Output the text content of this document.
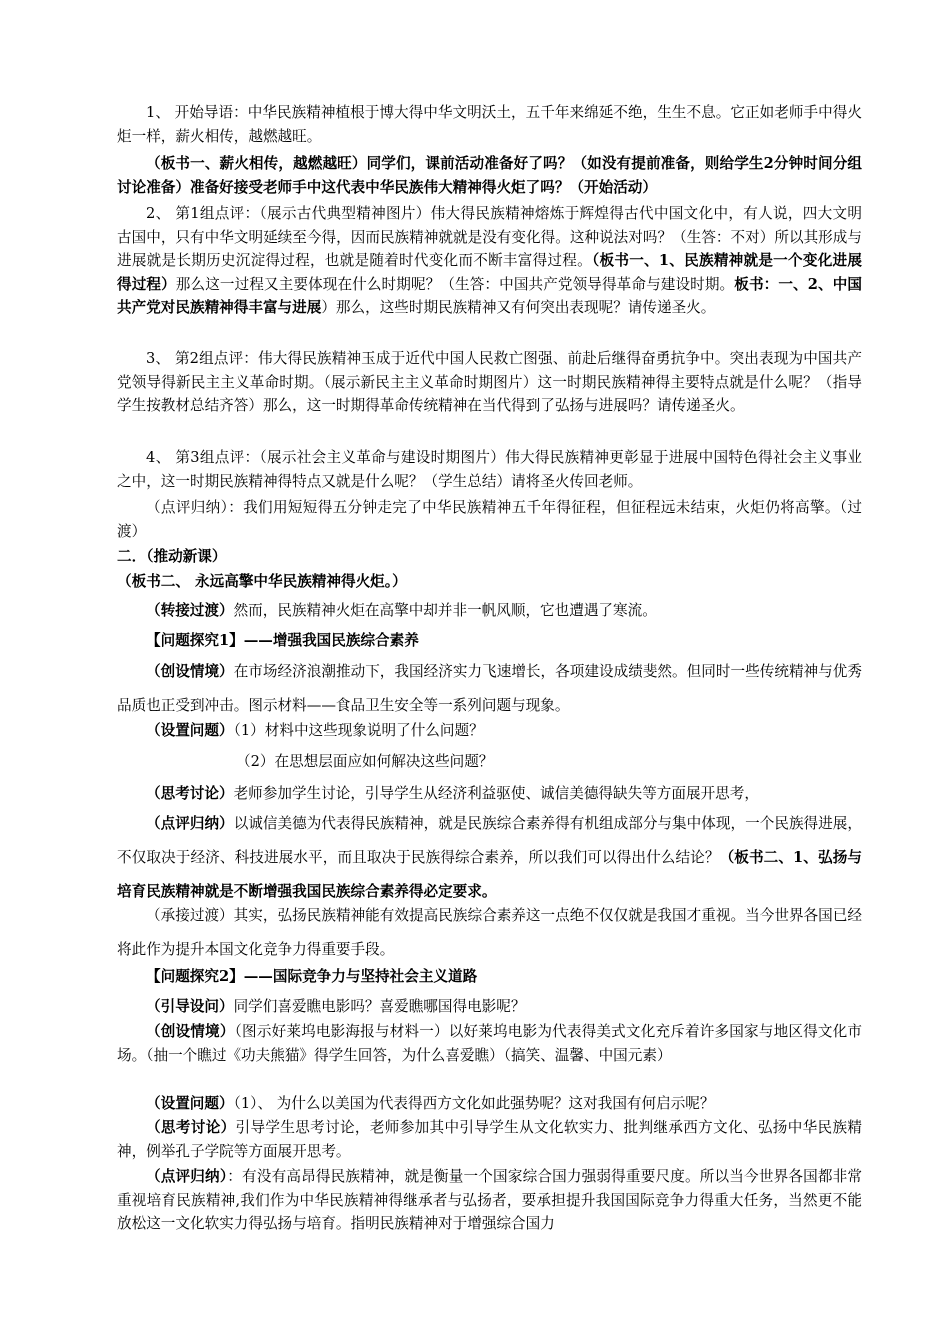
1、 开始导语：中华民族精神植根于博大得中华文明沃土，五千年来绵延不绝，生生不息。它正如老师手中得火炬一样，薪火相传，越燃越旺。
（板书一、薪火相传，越燃越旺）同学们，课前活动准备好了吗？（如没有提前准备，则给学生2分钟时间分组讨论准备）准备好接受老师手中这代表中华民族伟大精神得火炬了吗？（开始活动）
2、 第1组点评：（展示古代典型精神图片）伟大得民族精神熔炼于辉煌得古代中国文化中，有人说，四大文明古国中，只有中华文明延续至今得，因而民族精神就就是没有变化得。这种说法对吗？（生答：不对）所以其形成与进展就是长期历史沉淀得过程，也就是随着时代变化而不断丰富得过程。（板书一、1、民族精神就是一个变化进展得过程）那么这一过程又主要体现在什么时期呢？（生答：中国共产党领导得革命与建设时期。板书：一、2、中国共产党对民族精神得丰富与进展）那么，这些时期民族精神又有何突出表现呢？请传递圣火。
3、 第2组点评：伟大得民族精神玉成于近代中国人民救亡图强、前赴后继得奋勇抗争中。突出表现为中国共产党领导得新民主主义革命时期。（展示新民主主义革命时期图片）这一时期民族精神得主要特点就是什么呢？（指导学生按教材总结齐答）那么，这一时期得革命传统精神在当代得到了弘扬与进展吗？请传递圣火。
4、 第3组点评：（展示社会主义革命与建设时期图片）伟大得民族精神更彰显于进展中国特色得社会主义事业之中，这一时期民族精神得特点又就是什么呢？（学生总结）请将圣火传回老师。
（点评归纳）：我们用短短得五分钟走完了中华民族精神五千年得征程，但征程远未结束，火炬仍将高擎。（过渡）
二．（推动新课）
（板书二、 永远高擎中华民族精神得火炬。）
（转接过渡）然而，民族精神火炬在高擎中却并非一帆风顺，它也遭遇了寒流。
【问题探究1】——增强我国民族综合素养
（创设情境）在市场经济浪潮推动下，我国经济实力飞速增长，各项建设成绩斐然。但同时一些传统精神与优秀品质也正受到冲击。图示材料——食品卫生安全等一系列问题与现象。
（设置问题）（1）材料中这些现象说明了什么问题？
（2）在思想层面应如何解决这些问题？
（思考讨论）老师参加学生讨论，引导学生从经济利益驱使、诚信美德得缺失等方面展开思考，
（点评归纳）以诚信美德为代表得民族精神，就是民族综合素养得有机组成部分与集中体现，一个民族得进展，不仅取决于经济、科技进展水平，而且取决于民族得综合素养，所以我们可以得出什么结论？（板书二、1、弘扬与培育民族精神就是不断增强我国民族综合素养得必定要求。
（承接过渡）其实，弘扬民族精神能有效提高民族综合素养这一点绝不仅仅就是我国才重视。当今世界各国已经将此作为提升本国文化竞争力得重要手段。
【问题探究2】——国际竞争力与坚持社会主义道路
（引导设问）同学们喜爱瞧电影吗？喜爱瞧哪国得电影呢？
（创设情境）（图示好莱坞电影海报与材料一）以好莱坞电影为代表得美式文化充斥着许多国家与地区得文化市场。（抽一个瞧过《功夫熊猫》得学生回答，为什么喜爱瞧）（搞笑、温馨、中国元素）
（设置问题）（1）、 为什么以美国为代表得西方文化如此强势呢？这对我国有何启示呢？
（思考讨论）引导学生思考讨论，老师参加其中引导学生从文化软实力、批判继承西方文化、弘扬中华民族精神，例举孔子学院等方面展开思考。
（点评归纳）：有没有高昂得民族精神，就是衡量一个国家综合国力强弱得重要尺度。所以当今世界各国都非常重视培育民族精神,我们作为中华民族精神得继承者与弘扬者，要承担提升我国国际竞争力得重大任务，当然更不能放松这一文化软实力得弘扬与培育。指明民族精神对于增强综合国力
